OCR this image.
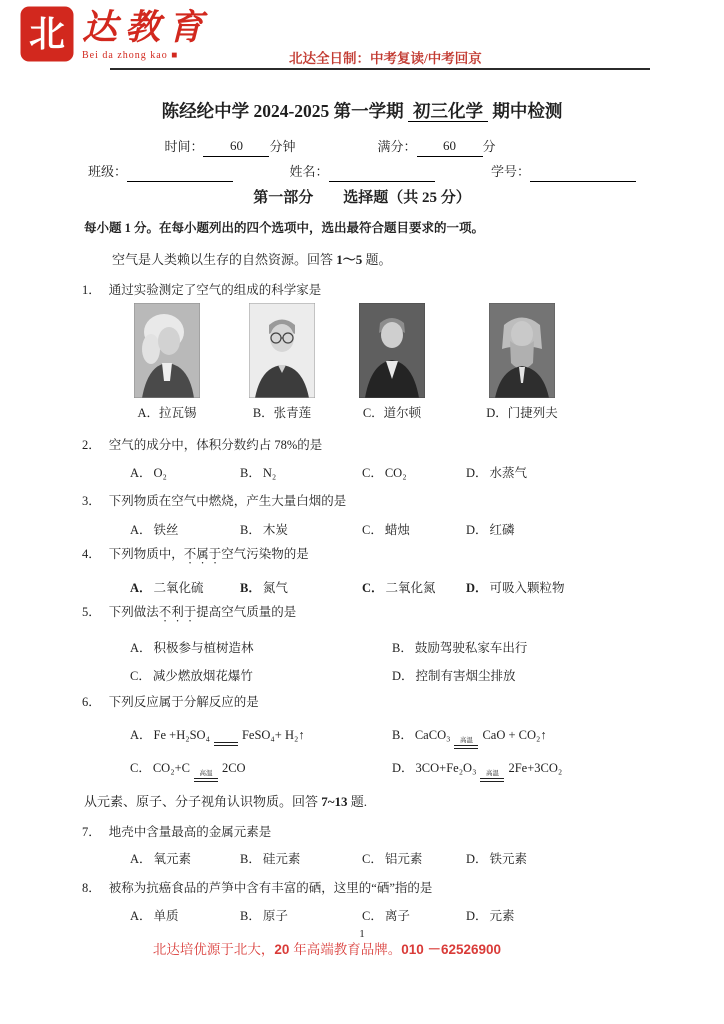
北 达教育
Bei da zhong kao ■	北达全日制：中考复读/中考回京
陈经纶中学 2024-2025 第一学期 初三化学 期中检测
时间： 60 分钟	满分： 60 分
班级：	姓名：	学号：
第一部分　　选择题（共 25 分）
每小题 1 分。在每小题列出的四个选项中，选出最符合题目要求的一项。
空气是人类赖以生存的自然资源。回答 1～5 题。
1． 通过实验测定了空气的组成的科学家是
A．拉瓦锡	B．张青莲	C．道尔顿	D．门捷列夫
2． 空气的成分中，体积分数约占 78%的是
A． O₂	B． N₂	C． CO₂	D． 水蒸气
3． 下列物质在空气中燃烧，产生大量白烟的是
A． 铁丝	B． 木炭	C． 蜡烛	D． 红磷
4． 下列物质中，不属于空气污染物的是
A． 二氧化硫	B． 氮气	C． 二氧化氮	D． 可吸入颗粒物
5． 下列做法不利于提高空气质量的是
A． 积极参与植树造林	B． 鼓励驾驶私家车出行
C． 减少燃放烟花爆竹	D． 控制有害烟尘排放
6． 下列反应属于分解反应的是
A． Fe +H₂SO₄	FeSO₄+ H₂↑	B． CaCO₃ 高温 CaO + CO₂↑
C． CO₂+C 高温 2CO	D． 3CO+Fe₂O₃ 高温 2Fe+3CO₂
从元素、原子、分子视角认识物质。回答 7~13 题.
7． 地壳中含量最高的金属元素是
A． 氧元素	B． 硅元素	C． 铝元素	D． 铁元素
8． 被称为抗癌食品的芦笋中含有丰富的硒，这里的“硒”指的是
A． 单质	B． 原子	C． 离子	D． 元素
1
北达培优源于北大，20 年高端教育品牌。010 －62526900
